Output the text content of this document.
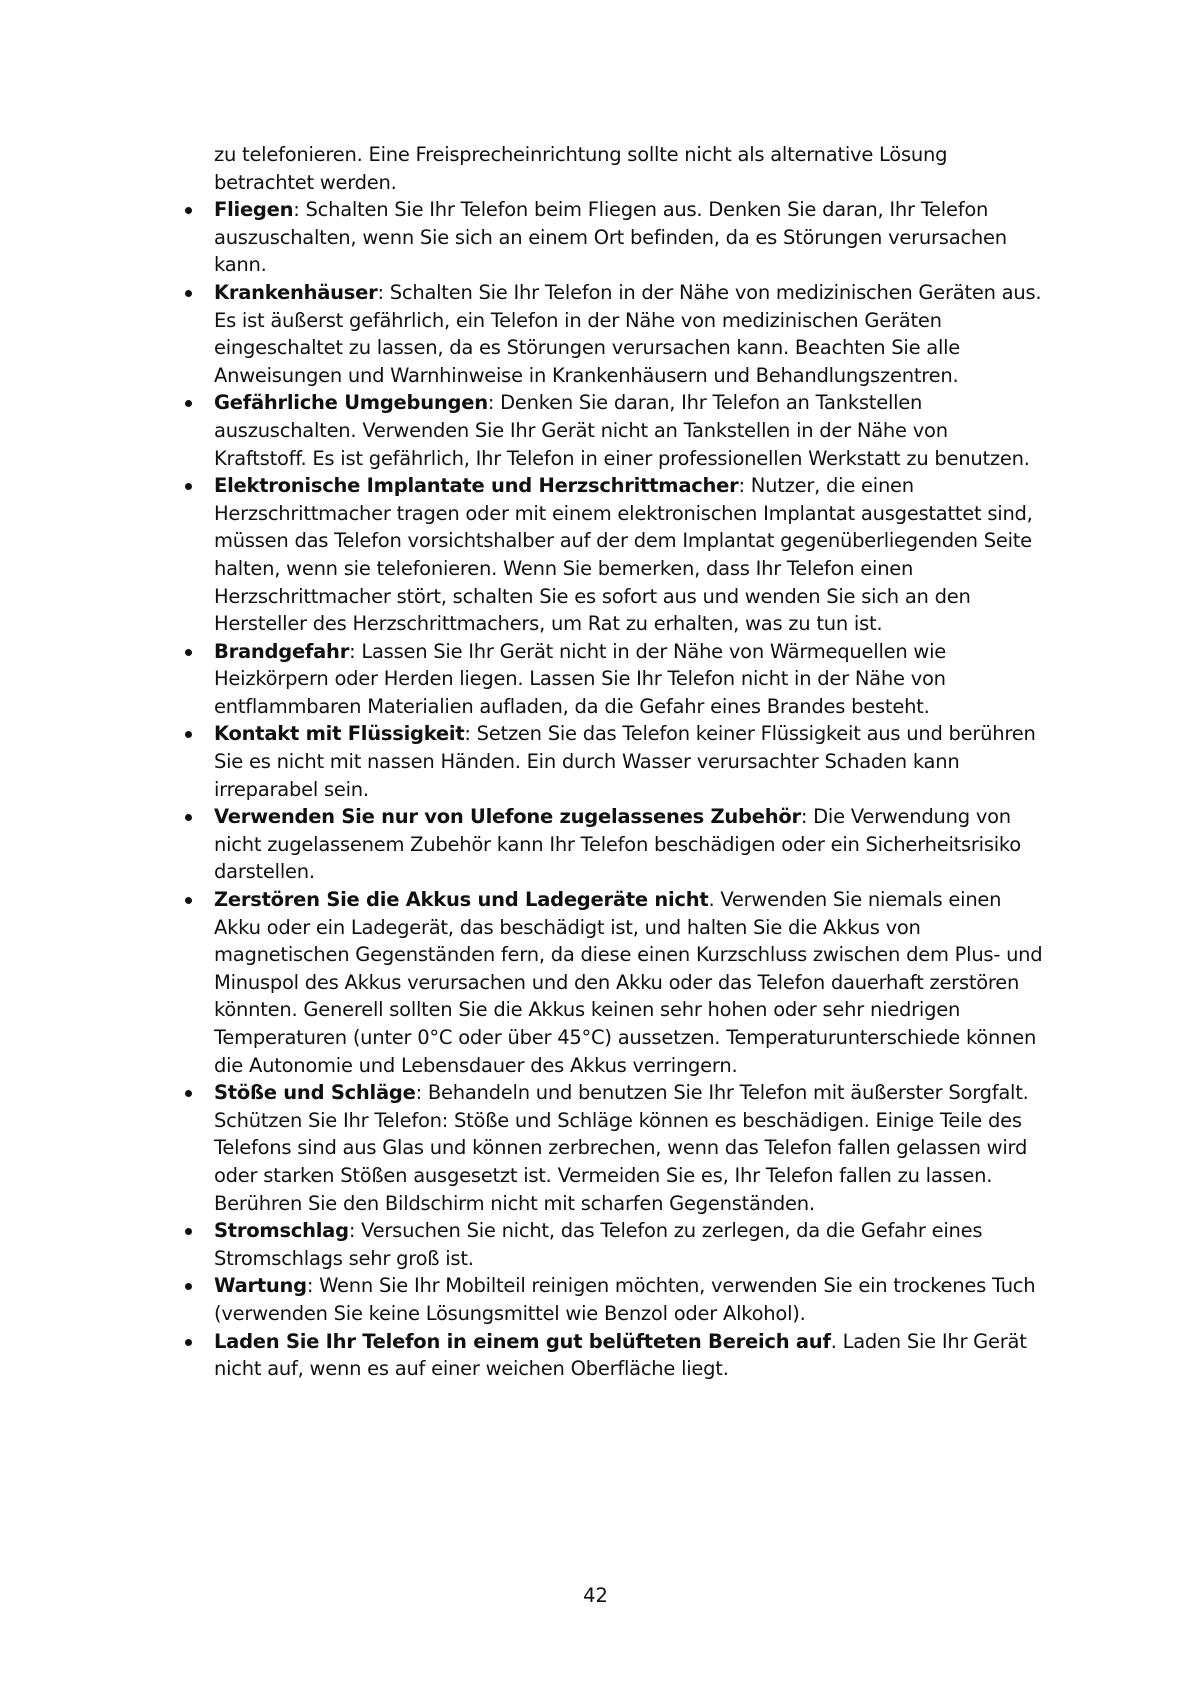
zu telefonieren. Eine Freisprecheinrichtung sollte nicht als alternative Lösung betrachtet werden.

Fliegen: Schalten Sie Ihr Telefon beim Fliegen aus. Denken Sie daran, Ihr Telefon auszuschalten, wenn Sie sich an einem Ort befinden, da es Störungen verursachen kann.
Krankenhäuser: Schalten Sie Ihr Telefon in der Nähe von medizinischen Geräten aus. Es ist äußerst gefährlich, ein Telefon in der Nähe von medizinischen Geräten eingeschaltet zu lassen, da es Störungen verursachen kann. Beachten Sie alle Anweisungen und Warnhinweise in Krankenhäusern und Behandlungszentren.
Gefährliche Umgebungen: Denken Sie daran, Ihr Telefon an Tankstellen auszuschalten. Verwenden Sie Ihr Gerät nicht an Tankstellen in der Nähe von Kraftstoff. Es ist gefährlich, Ihr Telefon in einer professionellen Werkstatt zu benutzen.
Elektronische Implantate und Herzschrittmacher: Nutzer, die einen Herzschrittmacher tragen oder mit einem elektronischen Implantat ausgestattet sind, müssen das Telefon vorsichtshalber auf der dem Implantat gegenüberliegenden Seite halten, wenn sie telefonieren. Wenn Sie bemerken, dass Ihr Telefon einen Herzschrittmacher stört, schalten Sie es sofort aus und wenden Sie sich an den Hersteller des Herzschrittmachers, um Rat zu erhalten, was zu tun ist.
Brandgefahr: Lassen Sie Ihr Gerät nicht in der Nähe von Wärmequellen wie Heizkörpern oder Herden liegen. Lassen Sie Ihr Telefon nicht in der Nähe von entflammbaren Materialien aufladen, da die Gefahr eines Brandes besteht.
Kontakt mit Flüssigkeit: Setzen Sie das Telefon keiner Flüssigkeit aus und berühren Sie es nicht mit nassen Händen. Ein durch Wasser verursachter Schaden kann irreparabel sein.
Verwenden Sie nur von Ulefone zugelassenes Zubehör: Die Verwendung von nicht zugelassenem Zubehör kann Ihr Telefon beschädigen oder ein Sicherheitsrisiko darstellen.
Zerstören Sie die Akkus und Ladegeräte nicht. Verwenden Sie niemals einen Akku oder ein Ladegerät, das beschädigt ist, und halten Sie die Akkus von magnetischen Gegenständen fern, da diese einen Kurzschluss zwischen dem Plus- und Minuspol des Akkus verursachen und den Akku oder das Telefon dauerhaft zerstören könnten. Generell sollten Sie die Akkus keinen sehr hohen oder sehr niedrigen Temperaturen (unter 0°C oder über 45°C) aussetzen. Temperaturunterschiede können die Autonomie und Lebensdauer des Akkus verringern.
Stöße und Schläge: Behandeln und benutzen Sie Ihr Telefon mit äußerster Sorgfalt. Schützen Sie Ihr Telefon: Stöße und Schläge können es beschädigen. Einige Teile des Telefons sind aus Glas und können zerbrechen, wenn das Telefon fallen gelassen wird oder starken Stößen ausgesetzt ist. Vermeiden Sie es, Ihr Telefon fallen zu lassen. Berühren Sie den Bildschirm nicht mit scharfen Gegenständen.
Stromschlag: Versuchen Sie nicht, das Telefon zu zerlegen, da die Gefahr eines Stromschlags sehr groß ist.
Wartung: Wenn Sie Ihr Mobilteil reinigen möchten, verwenden Sie ein trockenes Tuch (verwenden Sie keine Lösungsmittel wie Benzol oder Alkohol).
Laden Sie Ihr Telefon in einem gut belüfteten Bereich auf. Laden Sie Ihr Gerät nicht auf, wenn es auf einer weichen Oberfläche liegt.
42
